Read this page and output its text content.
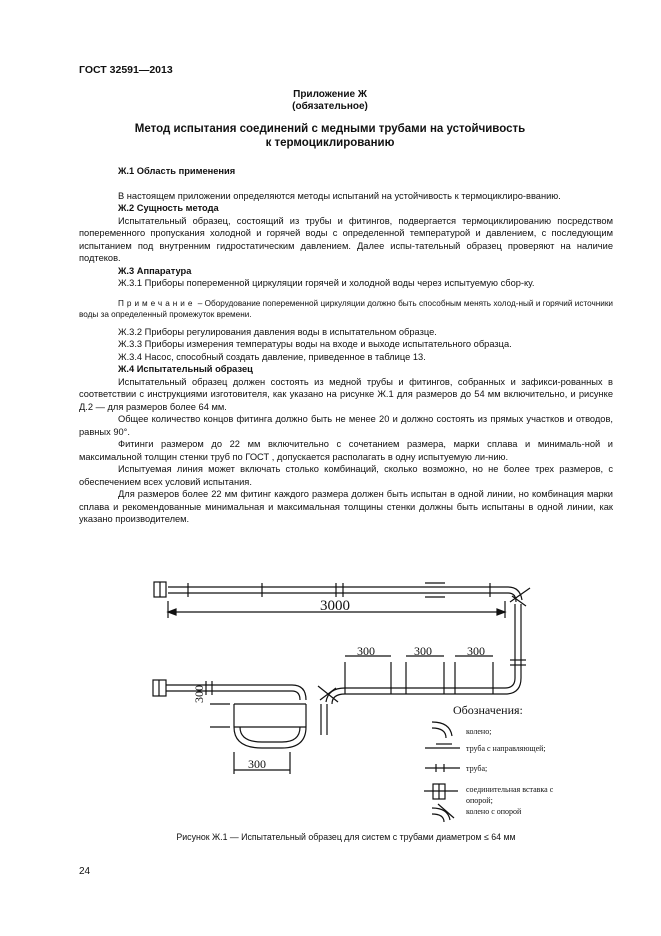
ГОСТ 32591—2013
Приложение Ж
(обязательное)
Метод испытания соединений с медными трубами на устойчивость
к термоциклированию

Ж.1 Область применения

В настоящем приложении определяются методы испытаний на устойчивость к термоциклиро-вванию.

Ж.2 Сущность метода

Испытательный образец, состоящий из трубы и фитингов, подвергается термоциклированию посредством попеременного пропускания холодной и горячей воды с определенной температурой и давлением, с последующим испытанием под внутренним гидростатическим давлением. Далее испы-тательный образец проверяют на наличие подтеков.

Ж.3 Аппаратура

Ж.3.1 Приборы попеременной циркуляции горячей и холодной воды через испытуемую сбор-ку.

Примечание – Оборудование попеременной циркуляции должно быть способным менять холод-ный и горячий источники воды за определенный промежуток времени.

Ж.3.2 Приборы регулирования давления воды в испытательном образце.

Ж.3.3 Приборы измерения температуры воды на входе и выходе испытательного образца.

Ж.3.4 Насос, способный создать давление, приведенное в таблице 13.

Ж.4 Испытательный образец

Испытательный образец должен состоять из медной трубы и фитингов, собранных и зафикси-рованных в соответствии с инструкциями изготовителя, как указано на рисунке Ж.1 для размеров до 54 мм включительно, и рисунке Д.2 — для размеров более 64 мм.

Общее количество концов фитинга должно быть не менее 20 и должно состоять из прямых участков и отводов, равных 90°.

Фитинги размером до 22 мм включительно с сочетанием размера, марки сплава и минималь-ной и максимальной толщин стенки труб по ГОСТ , допускается располагать в одну испытуемую ли-нию.

Испытуемая линия может включать столько комбинаций, сколько возможно, но не более трех размеров, с обеспечением всех условий испытания.

Для размеров более 22 мм фитинг каждого размера должен быть испытан в одной линии, но комбинация марки сплава и рекомендованные минимальная и максимальная толщины стенки должны быть испытаны в одной линии, как указано производителем.

3000
300	300	300
300
300
Обозначения:
колено;
труба с направляющей;
труба;
соединительная вставка с
опорой;
колено с опорой
Рисунок Ж.1 — Испытательный образец для систем с трубами диаметром ≤ 64 мм
24
